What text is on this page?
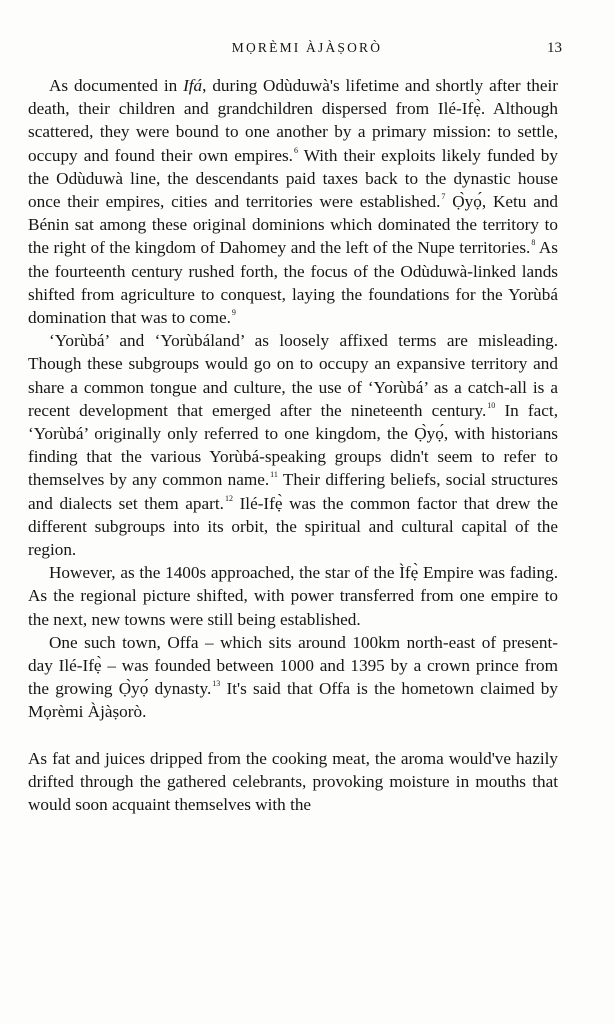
MỌRÈMI ÀJÀṢORÒ	13

As documented in Ifá, during Odùduwà's lifetime and shortly after their death, their children and grandchildren dispersed from Ilé-Ifẹ̀. Although scattered, they were bound to one another by a primary mission: to settle, occupy and found their own empires.$^6$ With their exploits likely funded by the Odùduwà line, the descendants paid taxes back to the dynastic house once their empires, cities and territories were established.$^7$ Ọ̀yọ́, Ketu and Bénin sat among these original dominions which dominated the territory to the right of the kingdom of Dahomey and the left of the Nupe territories.$^8$ As the fourteenth century rushed forth, the focus of the Odùduwà-linked lands shifted from agriculture to conquest, laying the foundations for the Yorùbá domination that was to come.$^9$

‘Yorùbá’ and ‘Yorùbáland’ as loosely affixed terms are misleading. Though these subgroups would go on to occupy an expansive territory and share a common tongue and culture, the use of ‘Yorùbá’ as a catch-all is a recent development that emerged after the nineteenth century.$^{10}$ In fact, ‘Yorùbá’ originally only referred to one kingdom, the Ọ̀yọ́, with historians finding that the various Yorùbá-speaking groups didn't seem to refer to themselves by any common name.$^{11}$ Their differing beliefs, social structures and dialects set them apart.$^{12}$ Ilé-Ifẹ̀ was the common factor that drew the different subgroups into its orbit, the spiritual and cultural capital of the region.

However, as the 1400s approached, the star of the Ìfẹ̀ Empire was fading. As the regional picture shifted, with power transferred from one empire to the next, new towns were still being established.

One such town, Offa – which sits around 100km north-east of present-day Ilé-Ifẹ̀ – was founded between 1000 and 1395 by a crown prince from the growing Ọ̀yọ́ dynasty.$^{13}$ It's said that Offa is the hometown claimed by Mọrèmi Àjàṣorò.

As fat and juices dripped from the cooking meat, the aroma would've hazily drifted through the gathered celebrants, provoking moisture in mouths that would soon acquaint themselves with the
